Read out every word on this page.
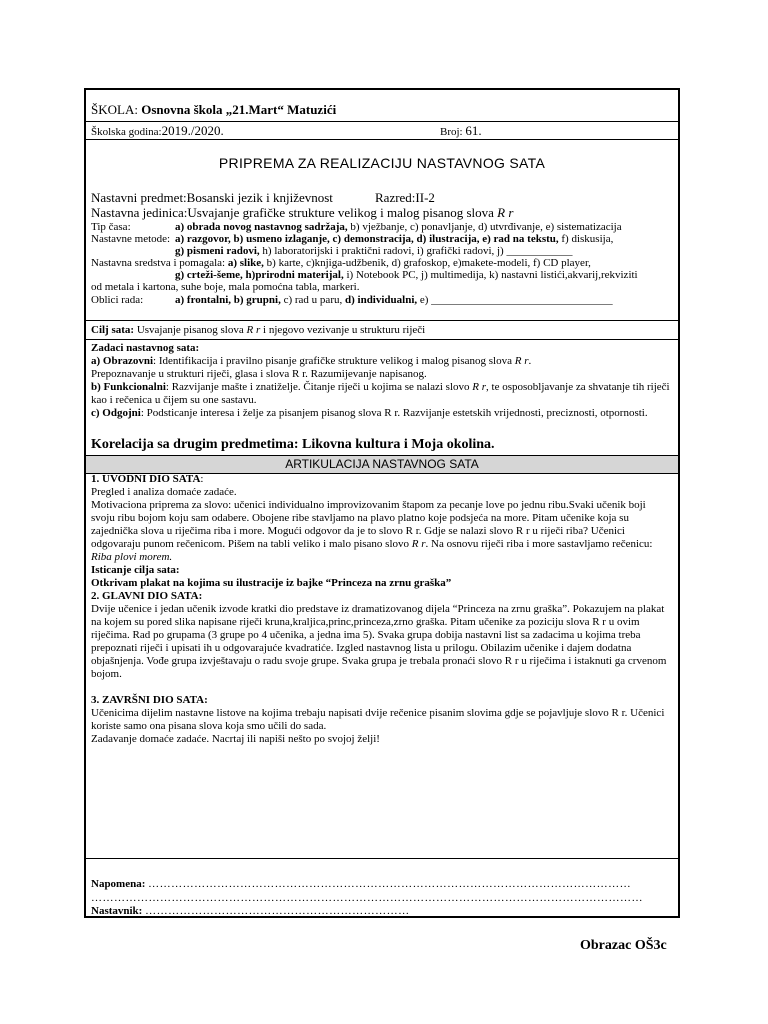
ŠKOLA: Osnovna škola „21.Mart“ Matuzići
Školska godina:2019./2020.	Broj: 61.
PRIPREMA ZA REALIZACIJU NASTAVNOG SATA
Nastavni predmet:Bosanski jezik i književnost	Razred:II-2
Nastavna jedinica:Usvajanje grafičke strukture velikog i malog pisanog slova R r
Tip časa:	a) obrada novog nastavnog sadržaja, b) vježbanje, c) ponavljanje, d) utvrđivanje, e) sistematizacija
Nastavne metode: a) razgovor, b) usmeno izlaganje, c) demonstracija, d) ilustracija, e) rad na tekstu, f) diskusija,
g) pismeni radovi, h) laboratorijski i praktični radovi, i) grafički radovi, j) ____________
Nastavna sredstva i pomagala: a) slike, b) karte, c)knjiga-udžbenik, d) grafoskop, e)makete-modeli, f) CD player,
g) crteži-šeme, h)prirodni materijal, i) Notebook PC, j) multimedija, k) nastavni listići,akvarij,rekviziti
od metala i kartona, suhe boje, mala pomoćna tabla, markeri.
Oblici rada:	a) frontalni, b) grupni, c) rad u paru, d) individualni, e) _________________________________
Cilj sata: Usvajanje pisanog slova R r i njegovo vezivanje u strukturu riječi

Zadaci nastavnog sata:

a) Obrazovni: Identifikacija i pravilno pisanje grafičke strukture velikog i malog pisanog slova R r.

Prepoznavanje u strukturi riječi, glasa i slova R r. Razumijevanje napisanog.

b) Funkcionalni: Razvijanje mašte i znatiželje. Čitanje riječi u kojima se nalazi slovo R r, te osposobljavanje za shvatanje tih riječi kao i rečenica u čijem su one sastavu.

c) Odgojni: Podsticanje interesa i želje za pisanjem pisanog slova R r. Razvijanje estetskih vrijednosti, preciznosti, otpornosti.

Korelacija sa drugim predmetima: Likovna kultura i Moja okolina.
ARTIKULACIJA NASTAVNOG SATA

1. UVODNI DIO SATA:

Pregled i analiza domaće zadaće.

Motivaciona priprema za slovo: učenici individualno improvizovanim štapom za pecanje love po jednu ribu.Svaki učenik boji svoju ribu bojom koju sam odabere. Obojene ribe stavljamo na plavo platno koje podsjeća na more. Pitam učenike koja su zajednička slova u riječima riba i more. Mogući odgovor da je to slovo R r. Gdje se nalazi slovo R r u riječi riba? Učenici odgovaraju punom rečenicom. Pišem na tabli veliko i malo pisano slovo R r. Na osnovu riječi riba i more sastavljamo rečenicu: Riba plovi morem.

Isticanje cilja sata:

Otkrivam plakat na kojima su ilustracije iz bajke “Princeza na zrnu graška”

2. GLAVNI DIO SATA:

Dvije učenice i jedan učenik izvode kratki dio predstave iz dramatizovanog dijela “Princeza na zrnu graška”. Pokazujem na plakat na kojem su pored slika napisane riječi kruna,kraljica,princ,princeza,zrno graška. Pitam učenike za poziciju slova R r u ovim riječima. Rad po grupama (3 grupe po 4 učenika, a jedna ima 5). Svaka grupa dobija nastavni list sa zadacima u kojima treba prepoznati riječi i upisati ih u odgovarajuće kvadratiće. Izgled nastavnog lista u prilogu. Obilazim učenike i dajem dodatna objašnjenja. Vođe grupa izvještavaju o radu svoje grupe. Svaka grupa je trebala pronaći slovo R r u riječima i istaknuti ga crvenom bojom.

3. ZAVRŠNI DIO SATA:

Učenicima dijelim nastavne listove na kojima trebaju napisati dvije rečenice pisanim slovima gdje se pojavljuje slovo R r. Učenici koriste samo ona pisana slova koja smo učili do sada.

Zadavanje domaće zadaće. Nacrtaj ili napiši nešto po svojoj želji!

Napomena: ………………………………………………………………………………………………………………
………………………………………………………………………………………………………………………………
Nastavnik: ……………………………………………………………
Obrazac OŠ3c
